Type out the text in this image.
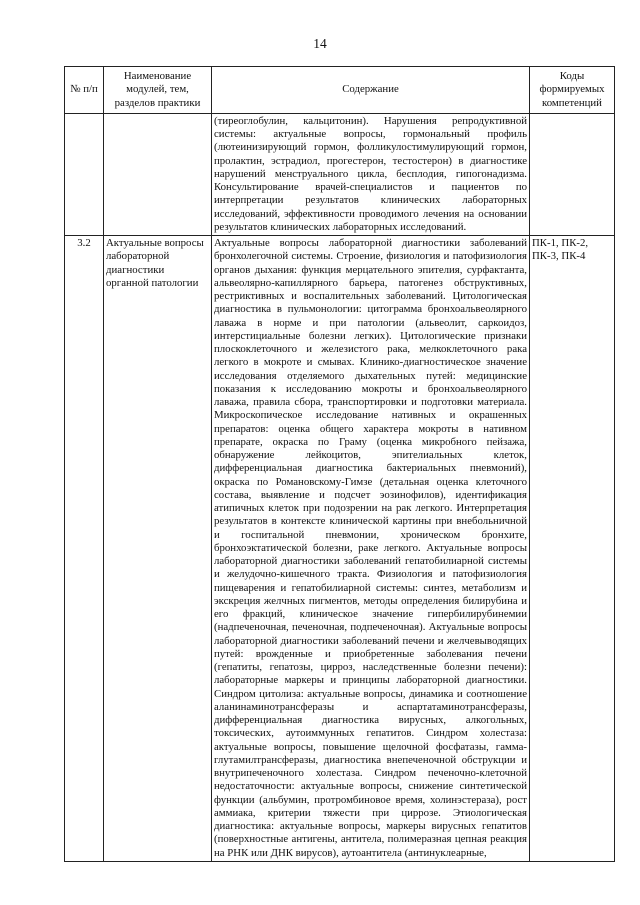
14
№ п/п	Наименование модулей, тем, разделов практики	Содержание	Коды формируемых компетенций
		(тиреоглобулин, кальцитонин). Нарушения репродуктивной системы: актуальные вопросы, гормональный профиль (лютеинизирующий гормон, фолликулостимулирующий гормон, пролактин, эстрадиол, прогестерон, тестостерон) в диагностике нарушений менструального цикла, бесплодия, гипогонадизма. Консультирование врачей-специалистов и пациентов по интерпретации результатов клинических лабораторных исследований, эффективности проводимого лечения на основании результатов клинических лабораторных исследований.	
3.2	Актуальные вопросы лабораторной диагностики органной патологии	Актуальные вопросы лабораторной диагностики заболеваний бронхолегочной системы. Строение, физиология и патофизиология органов дыхания: функция мерцательного эпителия, сурфактанта, альвеолярно-капиллярного барьера, патогенез обструктивных, рестриктивных и воспалительных заболеваний. Цитологическая диагностика в пульмонологии: цитограмма бронхоальвеолярного лаважа в норме и при патологии (альвеолит, саркоидоз, интерстициальные болезни легких). Цитологические признаки плоскоклеточного и железистого рака, мелкоклеточного рака легкого в мокроте и смывах. Клинико-диагностическое значение исследования отделяемого дыхательных путей: медицинские показания к исследованию мокроты и бронхоальвеолярного лаважа, правила сбора, транспортировки и подготовки материала. Микроскопическое исследование нативных и окрашенных препаратов: оценка общего характера мокроты в нативном препарате, окраска по Граму (оценка микробного пейзажа, обнаружение лейкоцитов, эпителиальных клеток, дифференциальная диагностика бактериальных пневмоний), окраска по Романовскому-Гимзе (детальная оценка клеточного состава, выявление и подсчет эозинофилов), идентификация атипичных клеток при подозрении на рак легкого. Интерпретация результатов в контексте клинической картины при внебольничной и госпитальной пневмонии, хроническом бронхите, бронхоэктатической болезни, раке легкого. Актуальные вопросы лабораторной диагностики заболеваний гепатобилиарной системы и желудочно-кишечного тракта. Физиология и патофизиология пищеварения и гепатобилиарной системы: синтез, метаболизм и экскреция желчных пигментов, методы определения билирубина и его фракций, клиническое значение гипербилирубинемии (надпеченочная, печеночная, подпеченочная). Актуальные вопросы лабораторной диагностики заболеваний печени и желчевыводящих путей: врожденные и приобретенные заболевания печени (гепатиты, гепатозы, цирроз, наследственные болезни печени): лабораторные маркеры и принципы лабораторной диагностики. Синдром цитолиза: актуальные вопросы, динамика и соотношение аланинаминотрансферазы и аспартатаминотрансферазы, дифференциальная диагностика вирусных, алкогольных, токсических, аутоиммунных гепатитов. Синдром холестаза: актуальные вопросы, повышение щелочной фосфатазы, гамма-глутамилтрансферазы, диагностика внепеченочной обструкции и внутрипеченочного холестаза. Синдром печеночно-клеточной недостаточности: актуальные вопросы, снижение синтетической функции (альбумин, протромбиновое время, холинэстераза), рост аммиака, критерии тяжести при циррозе. Этиологическая диагностика: актуальные вопросы, маркеры вирусных гепатитов (поверхностные антигены, антитела, полимеразная цепная реакция на РНК или ДНК вирусов), аутоантитела (антинуклеарные,	ПК-1, ПК-2, ПК-3, ПК-4
